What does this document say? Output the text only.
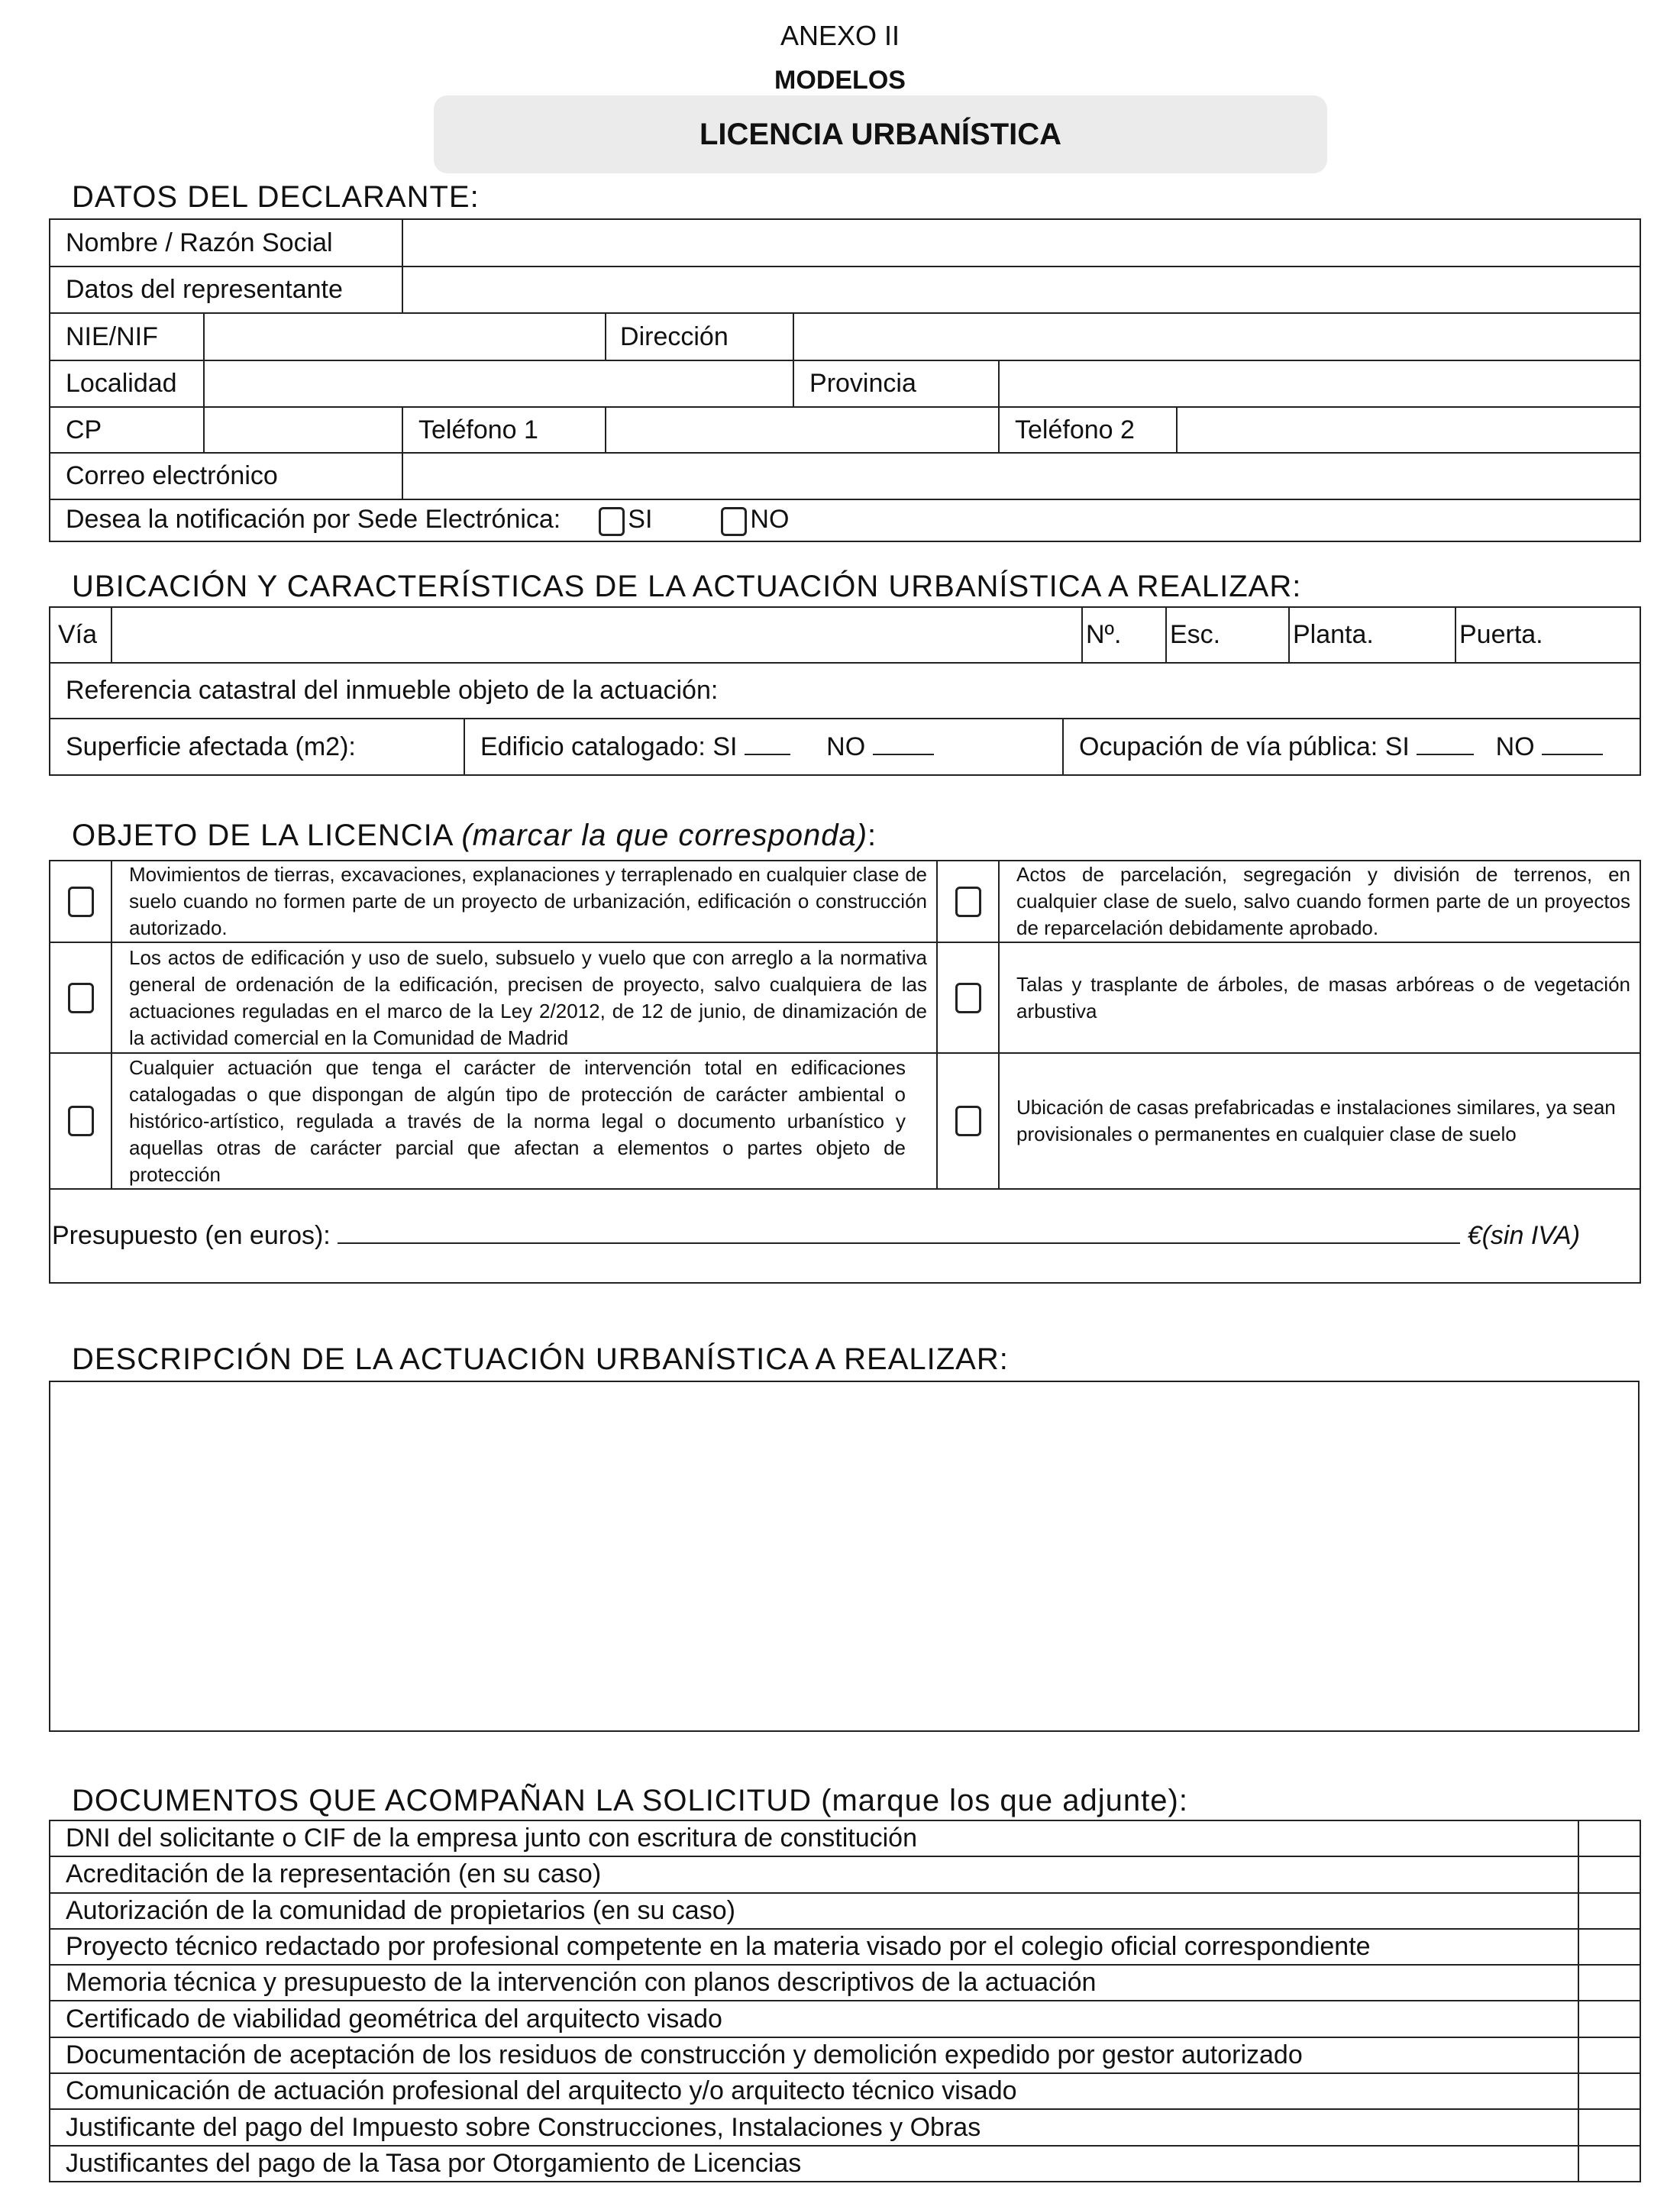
ANEXO II
MODELOS
LICENCIA URBANÍSTICA
DATOS DEL DECLARANTE:
Nombre / Razón Social						
Datos del representante						
NIE/NIF			Dirección			
Localidad				Provincia		
CP		Teléfono 1			Teléfono 2	
Correo electrónico						
Desea la notificación por Sede Electrónica: SI NO						
UBICACIÓN Y CARACTERÍSTICAS DE LA ACTUACIÓN URBANÍSTICA A REALIZAR:
Vía				Nº.	Esc.	Planta.	Puerta.
Referencia catastral del inmueble objeto de la actuación:							
Superficie afectada (m2):		Edificio catalogado: SI NO	Ocupación de vía pública: SI NO				
OBJETO DE LA LICENCIA (marcar la que corresponda):
	Movimientos de tierras, excavaciones, explanaciones y terraplenado en cualquier clase de suelo cuando no formen parte de un proyecto de urbanización, edificación o construcción autorizado.		Actos de parcelación, segregación y división de terrenos, en cualquier clase de suelo, salvo cuando formen parte de un proyectos de reparcelación debidamente aprobado.
	Los actos de edificación y uso de suelo, subsuelo y vuelo que con arreglo a la normativa general de ordenación de la edificación, precisen de proyecto, salvo cualquiera de las actuaciones reguladas en el marco de la Ley 2/2012, de 12 de junio, de dinamización de la actividad comercial en la Comunidad de Madrid		Talas y trasplante de árboles, de masas arbóreas o de vegetación arbustiva
	Cualquier actuación que tenga el carácter de intervención total en edificaciones catalogadas o que dispongan de algún tipo de protección de carácter ambiental o histórico-artístico, regulada a través de la norma legal o documento urbanístico y aquellas otras de carácter parcial que afectan a elementos o partes objeto de protección		Ubicación de casas prefabricadas e instalaciones similares, ya sean provisionales o permanentes en cualquier clase de suelo
Presupuesto (en euros): €(sin IVA)			
DESCRIPCIÓN DE LA ACTUACIÓN URBANÍSTICA A REALIZAR:
DOCUMENTOS QUE ACOMPAÑAN LA SOLICITUD (marque los que adjunte):
DNI del solicitante o CIF de la empresa junto con escritura de constitución	
Acreditación de la representación (en su caso)	
Autorización de la comunidad de propietarios (en su caso)	
Proyecto técnico redactado por profesional competente en la materia visado por el colegio oficial correspondiente	
Memoria técnica y presupuesto de la intervención con planos descriptivos de la actuación	
Certificado de viabilidad geométrica del arquitecto visado	
Documentación de aceptación de los residuos de construcción y demolición expedido por gestor autorizado	
Comunicación de actuación profesional del arquitecto y/o arquitecto técnico visado	
Justificante del pago del Impuesto sobre Construcciones, Instalaciones y Obras	
Justificantes del pago de la Tasa por Otorgamiento de Licencias	
